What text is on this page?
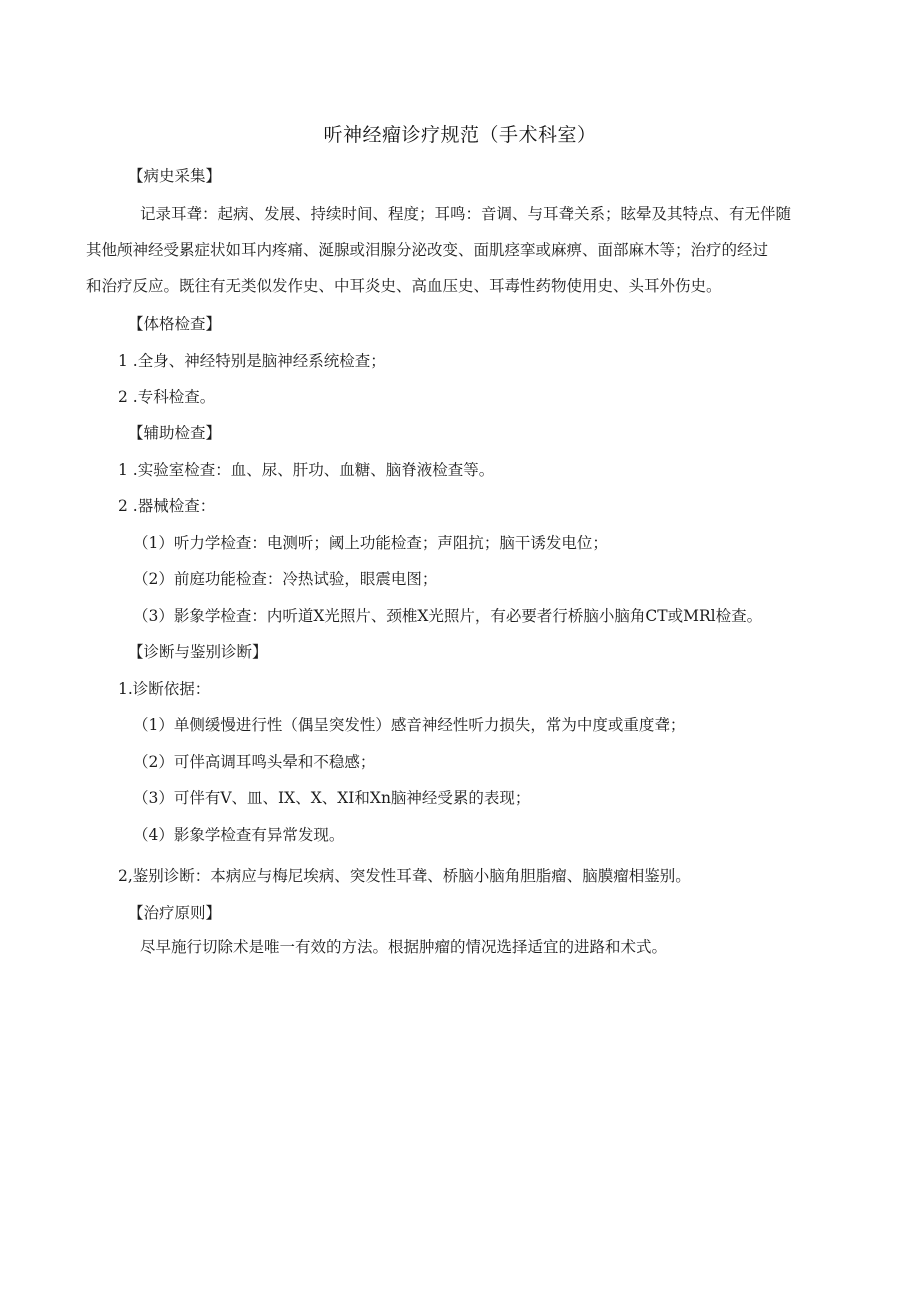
听神经瘤诊疗规范（手术科室）
【病史采集】
记录耳聋：起病、发展、持续时间、程度；耳鸣：音调、与耳聋关系；眩晕及其特点、有无伴随
其他颅神经受累症状如耳内疼痛、涎腺或泪腺分泌改变、面肌痉挛或麻痹、面部麻木等；治疗的经过
和治疗反应。既往有无类似发作史、中耳炎史、高血压史、耳毒性药物使用史、头耳外伤史。
【体格检查】
1 .全身、神经特别是脑神经系统检查；
2 .专科检查。
【辅助检查】
1 .实验室检查：血、尿、肝功、血糖、脑脊液检查等。
2 .器械检查：
（1）听力学检查：电测听；阈上功能检查；声阻抗；脑干诱发电位；
（2）前庭功能检查：冷热试验，眼震电图；
（3）影象学检查：内听道X光照片、颈椎X光照片，有必要者行桥脑小脑角CT或MRl检查。
【诊断与鉴别诊断】
1.诊断依据：
（1）单侧缓慢进行性（偶呈突发性）感音神经性听力损失，常为中度或重度聋；
（2）可伴高调耳鸣头晕和不稳感；
（3）可伴有V、皿、IX、X、XI和Xn脑神经受累的表现；
（4）影象学检查有异常发现。
2,鉴别诊断：本病应与梅尼埃病、突发性耳聋、桥脑小脑角胆脂瘤、脑膜瘤相鉴别。
【治疗原则】
尽早施行切除术是唯一有效的方法。根据肿瘤的情况选择适宜的进路和术式。
